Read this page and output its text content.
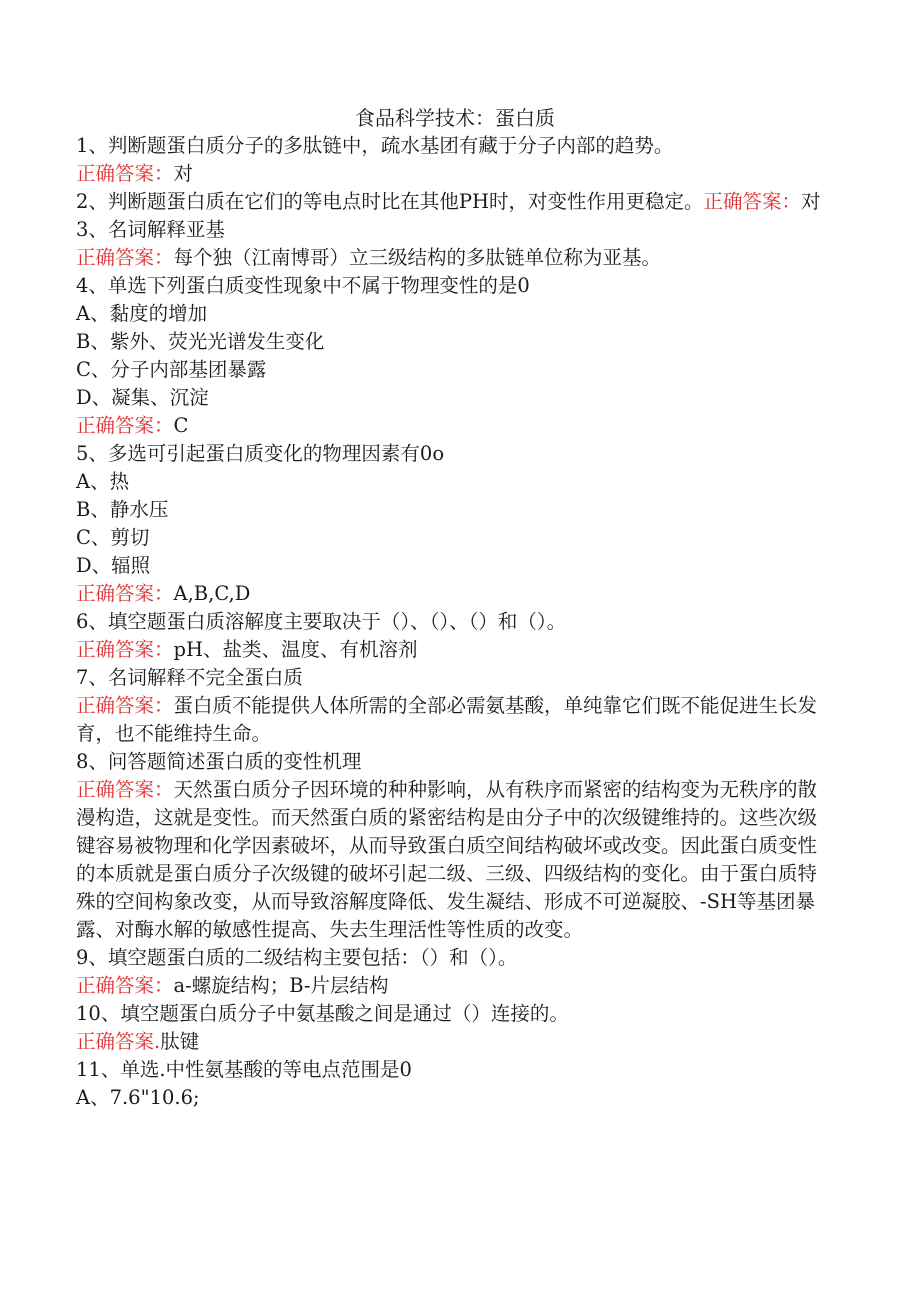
食品科学技术：蛋白质

1、判断题蛋白质分子的多肽链中，疏水基团有藏于分子内部的趋势。

正确答案：对

2、判断题蛋白质在它们的等电点时比在其他PH时，对变性作用更稳定。正确答案：对

3、名词解释亚基

正确答案：每个独（江南博哥）立三级结构的多肽链单位称为亚基。

4、单选下列蛋白质变性现象中不属于物理变性的是0

A、黏度的增加

B、紫外、荧光光谱发生变化

C、分子内部基团暴露

D、凝集、沉淀

正确答案：C

5、多选可引起蛋白质变化的物理因素有0o

A、热

B、静水压

C、剪切

D、辐照

正确答案：A,B,C,D

6、填空题蛋白质溶解度主要取决于（）、（）、（）和（）。

正确答案：pH、盐类、温度、有机溶剂

7、名词解释不完全蛋白质

正确答案：蛋白质不能提供人体所需的全部必需氨基酸，单纯靠它们既不能促进生长发育，也不能维持生命。

8、问答题简述蛋白质的变性机理

正确答案：天然蛋白质分子因环境的种种影响，从有秩序而紧密的结构变为无秩序的散漫构造，这就是变性。而天然蛋白质的紧密结构是由分子中的次级键维持的。这些次级键容易被物理和化学因素破坏，从而导致蛋白质空间结构破坏或改变。因此蛋白质变性的本质就是蛋白质分子次级键的破坏引起二级、三级、四级结构的变化。由于蛋白质特殊的空间构象改变，从而导致溶解度降低、发生凝结、形成不可逆凝胶、-SH等基团暴露、对酶水解的敏感性提高、失去生理活性等性质的改变。

9、填空题蛋白质的二级结构主要包括：（）和（）。

正确答案：a-螺旋结构；B-片层结构

10、填空题蛋白质分子中氨基酸之间是通过（）连接的。

正确答案.肽键

11、单选.中性氨基酸的等电点范围是0

A、7.6"10.6;
